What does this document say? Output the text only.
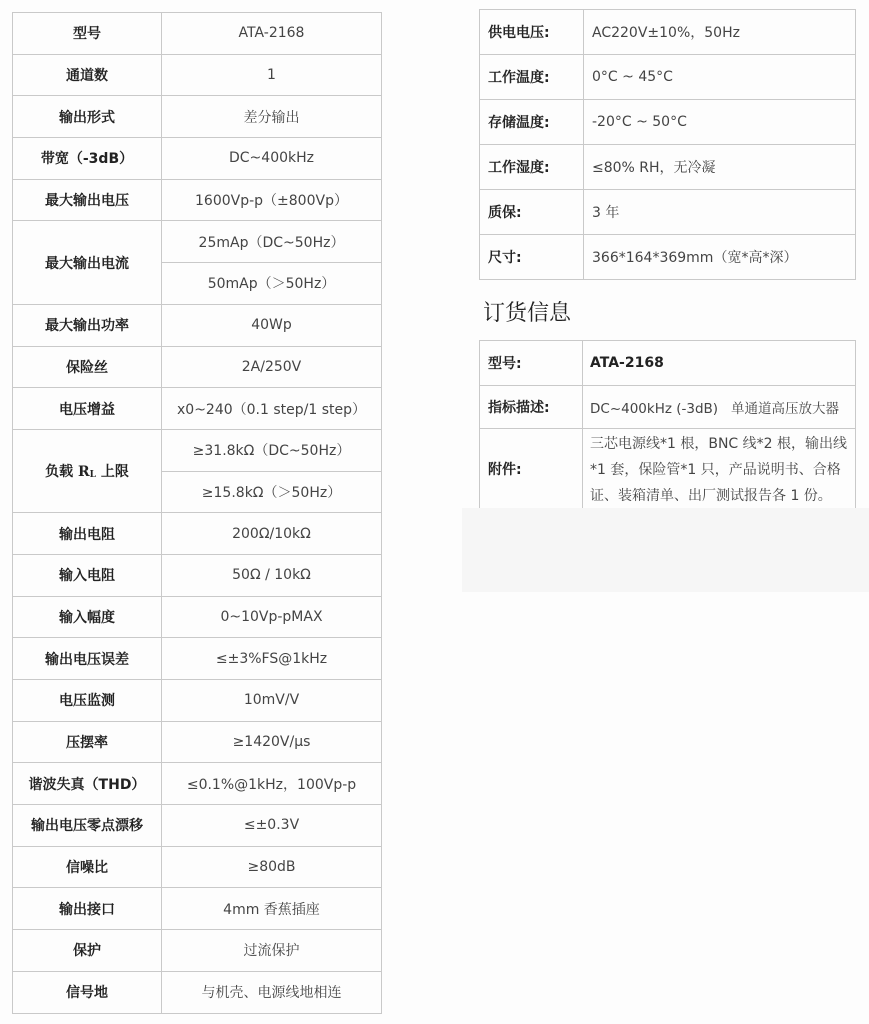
型号	ATA-2168
通道数	1
输出形式	差分输出
带宽（-3dB）	DC~400kHz
最大输出电压	1600Vp-p（±800Vp）
最大输出电流	25mAp（DC~50Hz）
	50mAp（＞50Hz）
最大输出功率	40Wp
保险丝	2A/250V
电压增益	x0~240（0.1 step/1 step）
负载 RL 上限	≥31.8kΩ（DC~50Hz）
	≥15.8kΩ（＞50Hz）
输出电阻	200Ω/10kΩ
输入电阻	50Ω / 10kΩ
输入幅度	0~10Vp-pMAX
输出电压误差	≤±3%FS@1kHz
电压监测	10mV/V
压摆率	≥1420V/μs
谐波失真（THD）	≤0.1%@1kHz，100Vp-p
输出电压零点漂移	≤±0.3V
信噪比	≥80dB
输出接口	4mm 香蕉插座
保护	过流保护
信号地	与机壳、电源线地相连
供电电压:	AC220V±10%，50Hz
工作温度:	0°C ~ 45°C
存储温度:	-20°C ~ 50°C
工作湿度:	≤80% RH，无冷凝
质保:	3 年
尺寸:	366*164*369mm（宽*高*深）
订货信息
型号:	ATA-2168
指标描述:	DC~400kHz (-3dB)   单通道高压放大器
附件:	三芯电源线*1 根，BNC 线*2 根，输出线*1 套，保险管*1 只，产品说明书、合格证、装箱清单、出厂测试报告各 1 份。
